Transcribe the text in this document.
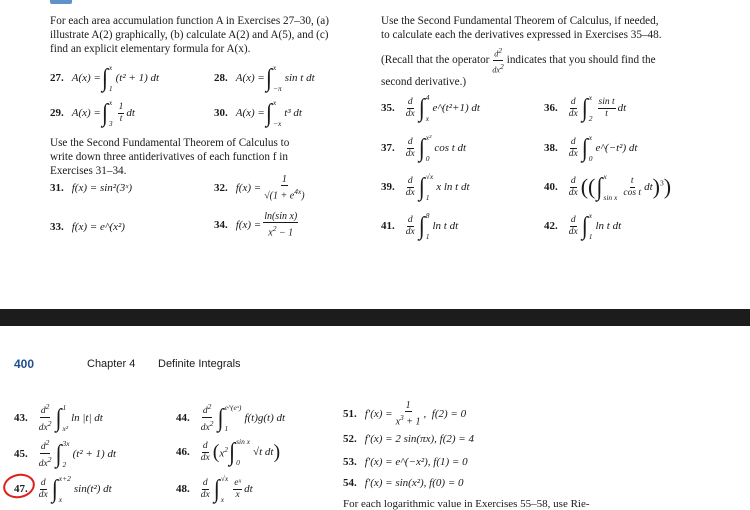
For each area accumulation function A in Exercises 27–30, (a)
illustrate A(2) graphically, (b) calculate A(2) and A(5), and (c)
find an explicit elementary formula for A(x).
Use the Second Fundamental Theorem of Calculus, if needed,
to calculate each the derivatives expressed in Exercises 35–48.
(Recall that the operator $\frac{d2}{dx2}$ indicates that you should find the
second derivative.)
27. A(x) = ∫ x
1
(t² + 1) dt	28. A(x) = ∫ x
−π
sin t dt
29. A(x) = ∫ x
$3 \frac{1}{t}$ dt	30. A(x) = ∫ x
−x
t³ dt
Use the Second Fundamental Theorem of Calculus to
write down three antiderivatives of each function f in
Exercises 31–34.
31. f(x) = sin²(3ˣ)	32. $f(x) = \frac{1}{√(1 + e^{4x})}$
33. f(x) = e^(x²)	34. $f(x) = \frac{\text{ln(sin x)}}{x^2 - 1}$
35. $\frac{d}{dx}$ ∫ 4
x
e^(t²+1) dt	36. $\frac{d}{dx}$ ∫ x
$2 \frac{\text{sin t}}{t}$ dt
37. $\frac{d}{dx}$ ∫ x²
0
cos t dt	38. $\frac{d}{dx}$ ∫ x
0
e^(−t²) dt
39. $\frac{d}{dx}$ ∫ √x
1
x ln t dt	40. $\frac{d}{dx}$ (( ∫ x
sin x $\frac{t}{\text{cos t}}$ dt )$^3$)
41. $\frac{d}{dx}$ ∫ 8
1
ln t dt	42. $\frac{d}{dx}$ ∫ x
1
ln t dt
400	Chapter 4 Definite Integrals
43. $\frac{d^2}{dx^2}$ ∫ 1
x²
ln |t| dt	44. $\frac{d^2}{dx^2}$ ∫ e^(eˣ)
1
f(t)g(t) dt
45. $\frac{d^2}{dx^2}$ ∫ 3x
2
(t² + 1) dt	46. $\frac{d}{dx}$ ( $x^2$ ∫ sin x
0
√t dt )
47. $\frac{d}{dx}$ ∫ x+2
x
sin(t²) dt	48. $\frac{d}{dx}$ ∫ √x
x $\frac{\text{eˣ}}{x}$ dt
51. $f'(x) = \frac{1}{x^3 + 1}$ , f(2) = 0
52. f′(x) = 2 sin(πx), f(2) = 4
53. f′(x) = e^(−x²), f(1) = 0
54. f′(x) = sin(x²), f(0) = 0
For each logarithmic value in Exercises 55–58, use Rie-
